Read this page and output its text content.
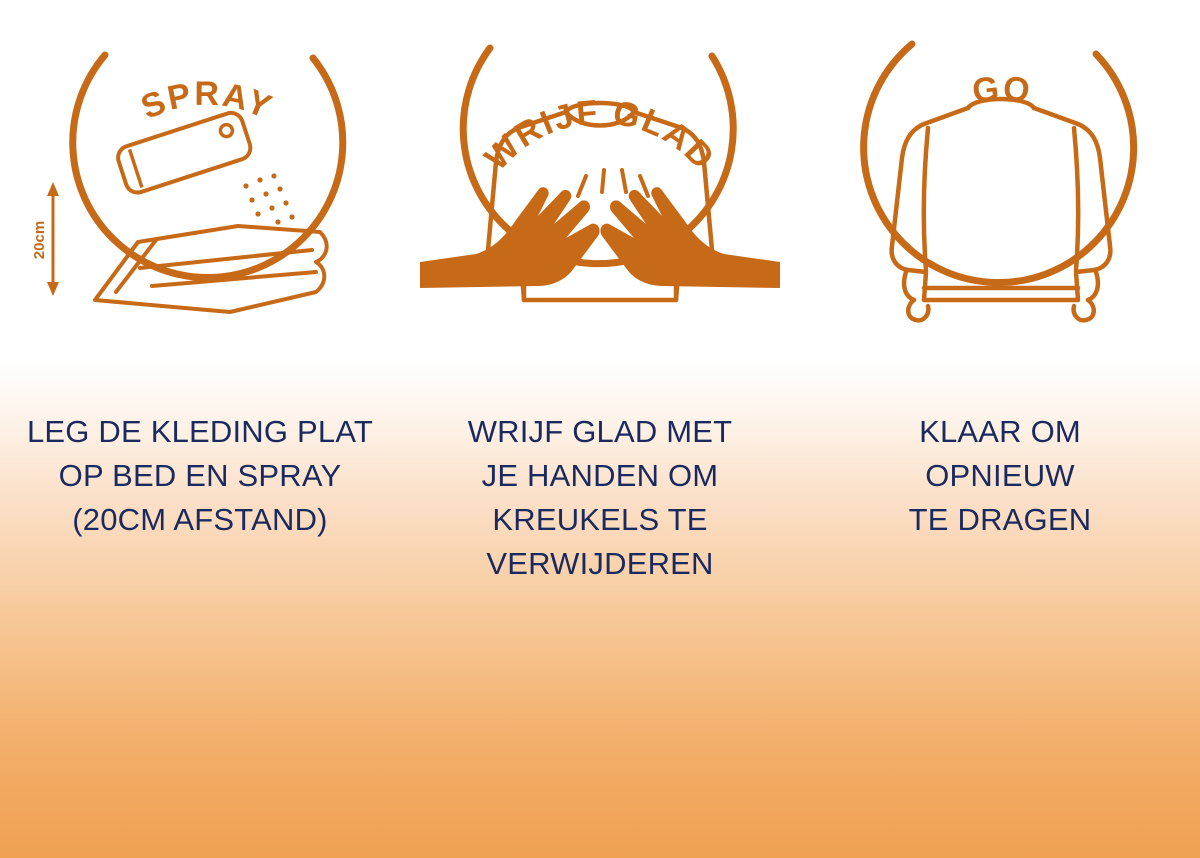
SPRAY
20cm
LEG DE KLEDING PLAT
OP BED EN SPRAY
(20CM AFSTAND)
WRIJF GLAD
WRIJF GLAD MET
JE HANDEN OM
KREUKELS TE
VERWIJDEREN
GO
KLAAR OM
OPNIEUW
TE DRAGEN
